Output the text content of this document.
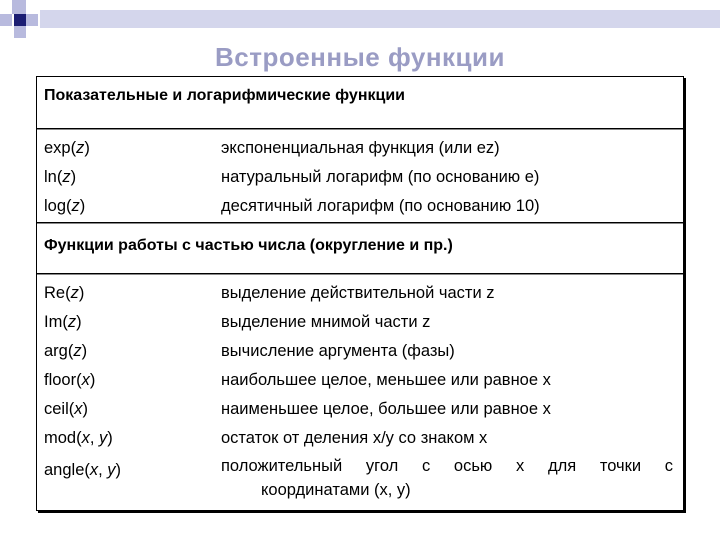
Встроенные функции
Показательные и логарифмические функции
exp(z)
ln(z)
log(z)
экспоненциальная функция (или ez)
натуральный логарифм (по основанию e)
десятичный логарифм (по основанию 10)
Функции работы с частью числа (округление и пр.)
Re(z)
Im(z)
arg(z)
floor(x)
ceil(x)
mod(x, y)
angle(x, y)
выделение действительной части z
выделение мнимой части z
вычисление аргумента (фазы)
наибольшее целое, меньшее или равное x
наименьшее целое, большее или равное x
остаток от деления x/y со знаком x
положительный угол с осью x для точки с
координатами (x, y)
